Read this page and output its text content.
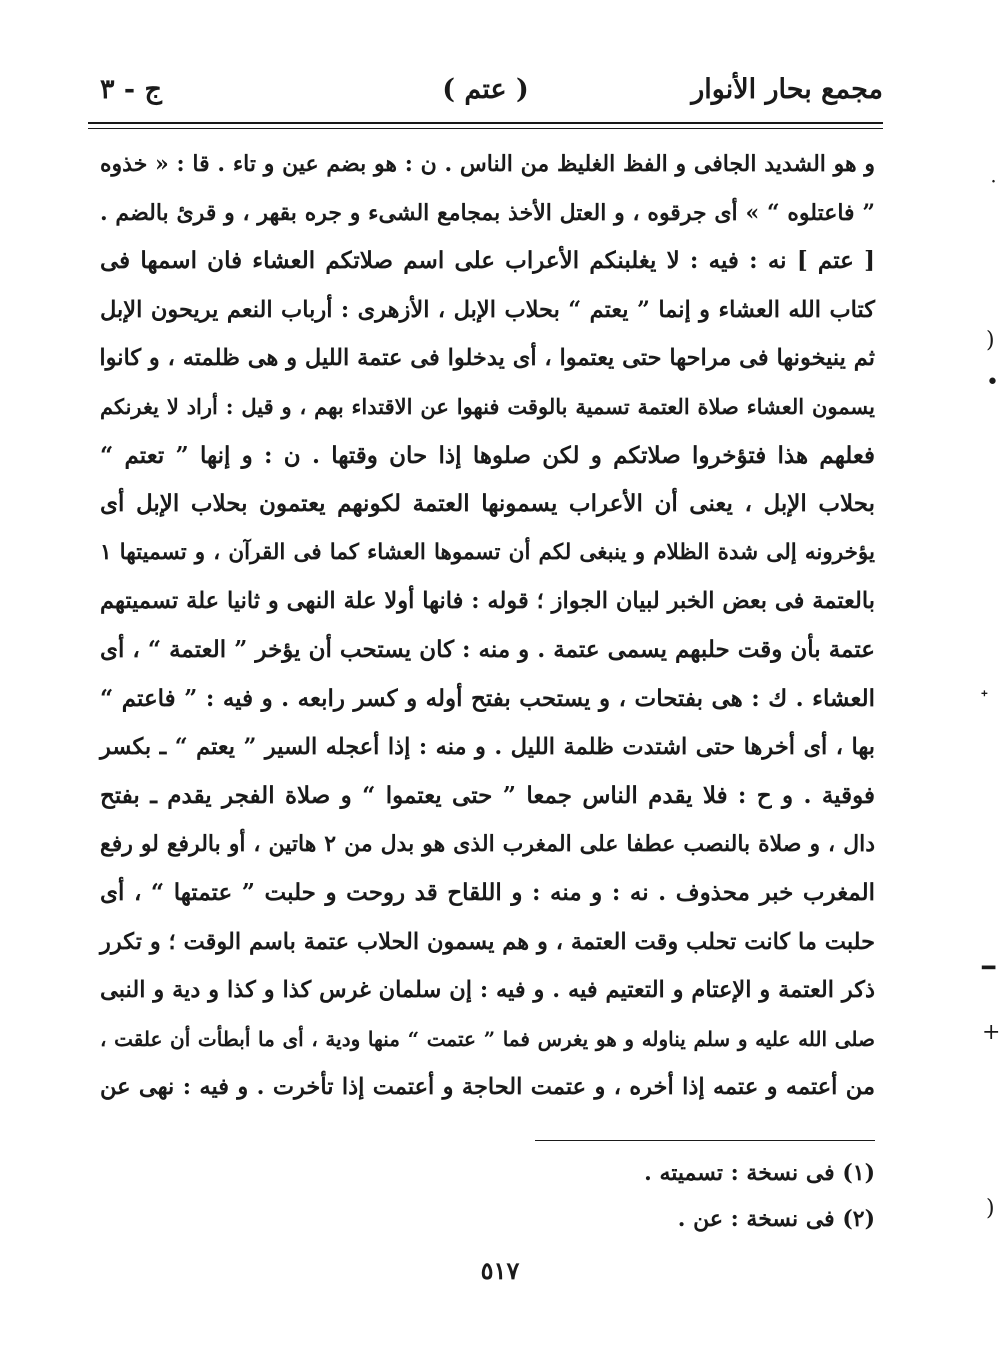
مجمع بحار الأنوار
( عتم )
ج - ٣
و هو الشديد الجافى و الفظ الغليظ من الناس . ن : هو بضم عين و تاء . قا : « خذوه
” فاعتلوه “ » أى جرقوه ، و العتل الأخذ بمجامع الشىء و جره بقهر ، و قرئ بالضم .
[ عتم ] نه : فيه : لا يغلبنكم الأعراب على اسم صلاتكم العشاء فان اسمها فى
كتاب الله العشاء و إنما ” يعتم “ بحلاب الإبل ، الأزهرى : أرباب النعم يريحون الإبل
ثم ينيخونها فى مراحها حتى يعتموا ، أى يدخلوا فى عتمة الليل و هى ظلمته ، و كانوا
يسمون العشاء صلاة العتمة تسمية بالوقت فنهوا عن الاقتداء بهم ، و قيل : أراد لا يغرنكم
فعلهم هذا فتؤخروا صلاتكم و لكن صلوها إذا حان وقتها . ن : و إنها ” تعتم “
بحلاب الإبل ، يعنى أن الأعراب يسمونها العتمة لكونهم يعتمون بحلاب الإبل أى
يؤخرونه إلى شدة الظلام و ينبغى لكم أن تسموها العشاء كما فى القرآن ، و تسميتها ١
بالعتمة فى بعض الخبر لبيان الجواز ؛ قوله : فانها أولا علة النهى و ثانيا علة تسميتهم
عتمة بأن وقت حلبهم يسمى عتمة . و منه : كان يستحب أن يؤخر ” العتمة “ ، أى
العشاء . ك : هى بفتحات ، و يستحب بفتح أوله و كسر رابعه . و فيه : ” فاعتم “
بها ، أى أخرها حتى اشتدت ظلمة الليل . و منه : إذا أعجله السير ” يعتم “ ـ بكسر
فوقية . و ح : فلا يقدم الناس جمعا ” حتى يعتموا “ و صلاة الفجر يقدم ـ بفتح
دال ، و صلاة بالنصب عطفا على المغرب الذى هو بدل من ٢ هاتين ، أو بالرفع لو رفع
المغرب خبر محذوف . نه : و منه : و اللقاح قد روحت و حلبت ” عتمتها “ ، أى
حلبت ما كانت تحلب وقت العتمة ، و هم يسمون الحلاب عتمة باسم الوقت ؛ و تكرر
ذكر العتمة و الإعتام و التعتيم فيه . و فيه : إن سلمان غرس كذا و كذا و دية و النبى
صلى الله عليه و سلم يناوله و هو يغرس فما ” عتمت “ منها ودية ، أى ما أبطأت أن علقت ،
من أعتمه و عتمه إذا أخره ، و عتمت الحاجة و أعتمت إذا تأخرت . و فيه : نهى عن
(١) فى نسخة : تسميته .
(٢) فى نسخة : عن .
٥١٧
˙
)
•
ᐩ
━
+
)
